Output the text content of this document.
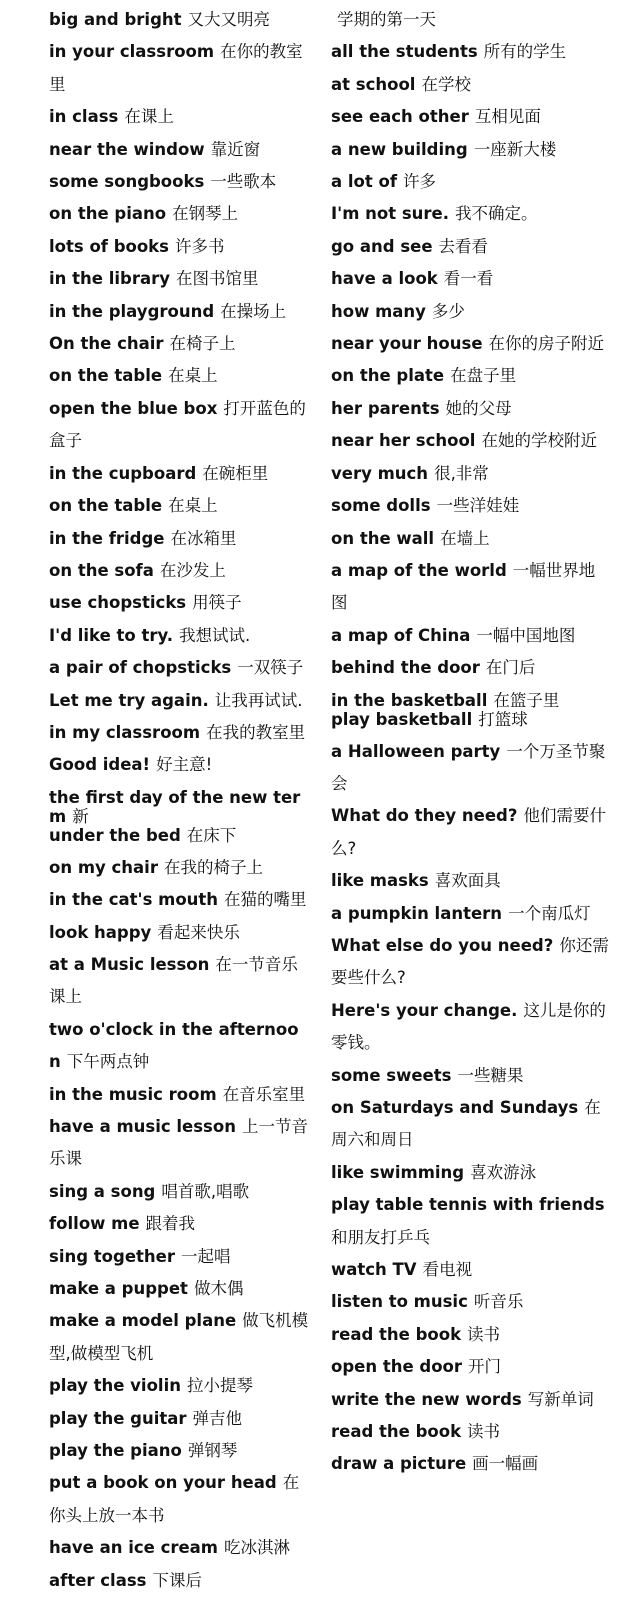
big and bright 又大又明亮
in your classroom 在你的教室里
in class 在课上
near the window 靠近窗
some songbooks 一些歌本
on the piano 在钢琴上
lots of books 许多书
in the library 在图书馆里
in the playground 在操场上
On the chair 在椅子上
on the table 在桌上
open the blue box 打开蓝色的盒子
in the cupboard 在碗柜里
on the table 在桌上
in the fridge 在冰箱里
on the sofa 在沙发上
use chopsticks 用筷子
I'd like to try. 我想试试.
a pair of chopsticks 一双筷子
Let me try again. 让我再试试.
in my classroom 在我的教室里
Good idea! 好主意!
the first day of the new term 新
under the bed 在床下
on my chair 在我的椅子上
in the cat's mouth 在猫的嘴里
look happy 看起来快乐
at a Music lesson 在一节音乐课上
two o'clock in the afternoon 下午两点钟
in the music room 在音乐室里
have a music lesson 上一节音乐课
sing a song 唱首歌,唱歌
follow me 跟着我
sing together 一起唱
make a puppet 做木偶
make a model plane 做飞机模型,做模型飞机
play the violin 拉小提琴
play the guitar 弹吉他
play the piano 弹钢琴
put a book on your head 在你头上放一本书
have an ice cream 吃冰淇淋
after class 下课后
学期的第一天
all the students 所有的学生
at school 在学校
see each other 互相见面
a new building 一座新大楼
a lot of 许多
I'm not sure. 我不确定。
go and see 去看看
have a look 看一看
how many 多少
near your house 在你的房子附近
on the plate 在盘子里
her parents 她的父母
near her school 在她的学校附近
very much 很,非常
some dolls 一些洋娃娃
on the wall 在墙上
a map of the world 一幅世界地图
a map of China 一幅中国地图
behind the door 在门后
in the basketball 在篮子里
play basketball 打篮球
a Halloween party 一个万圣节聚会
What do they need? 他们需要什么?
like masks 喜欢面具
a pumpkin lantern 一个南瓜灯
What else do you need? 你还需要些什么?
Here's your change. 这儿是你的零钱。
some sweets 一些糖果
on Saturdays and Sundays 在周六和周日
like swimming 喜欢游泳
play table tennis with friends和朋友打乒乓
watch TV 看电视
listen to music 听音乐
read the book 读书
open the door 开门
write the new words 写新单词
read the book 读书
draw a picture 画一幅画
